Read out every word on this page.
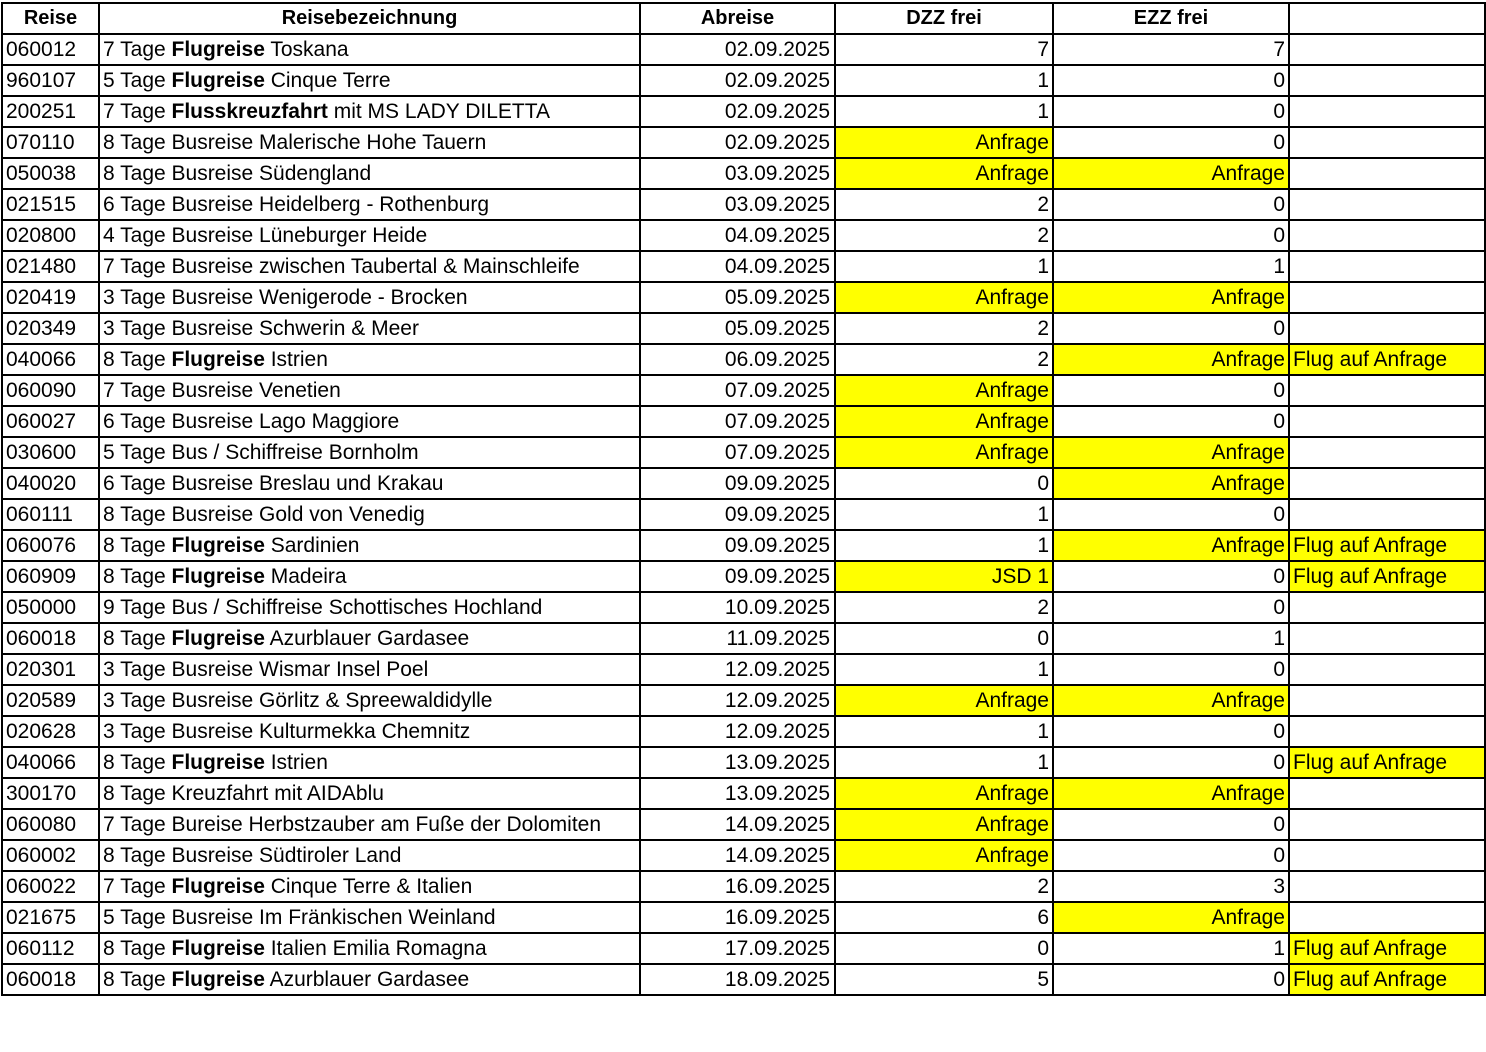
Reise	Reisebezeichnung	Abreise	DZZ frei	EZZ frei	
060012	7 Tage Flugreise Toskana	02.09.2025	7	7	
960107	5 Tage Flugreise Cinque Terre	02.09.2025	1	0	
200251	7 Tage Flusskreuzfahrt mit MS LADY DILETTA	02.09.2025	1	0	
070110	8 Tage Busreise Malerische Hohe Tauern	02.09.2025	Anfrage	0	
050038	8 Tage Busreise Südengland	03.09.2025	Anfrage	Anfrage	
021515	6 Tage Busreise Heidelberg - Rothenburg	03.09.2025	2	0	
020800	4 Tage Busreise Lüneburger Heide	04.09.2025	2	0	
021480	7 Tage Busreise zwischen Taubertal & Mainschleife	04.09.2025	1	1	
020419	3 Tage Busreise Wenigerode - Brocken	05.09.2025	Anfrage	Anfrage	
020349	3 Tage Busreise Schwerin & Meer	05.09.2025	2	0	
040066	8 Tage Flugreise Istrien	06.09.2025	2	Anfrage	Flug auf Anfrage
060090	7 Tage Busreise Venetien	07.09.2025	Anfrage	0	
060027	6 Tage Busreise Lago Maggiore	07.09.2025	Anfrage	0	
030600	5 Tage Bus / Schiffreise Bornholm	07.09.2025	Anfrage	Anfrage	
040020	6 Tage Busreise Breslau und Krakau	09.09.2025	0	Anfrage	
060111	8 Tage Busreise Gold von Venedig	09.09.2025	1	0	
060076	8 Tage Flugreise Sardinien	09.09.2025	1	Anfrage	Flug auf Anfrage
060909	8 Tage Flugreise Madeira	09.09.2025	JSD 1	0	Flug auf Anfrage
050000	9 Tage Bus / Schiffreise Schottisches Hochland	10.09.2025	2	0	
060018	8 Tage Flugreise Azurblauer Gardasee	11.09.2025	0	1	
020301	3 Tage Busreise Wismar Insel Poel	12.09.2025	1	0	
020589	3 Tage Busreise Görlitz & Spreewaldidylle	12.09.2025	Anfrage	Anfrage	
020628	3 Tage Busreise Kulturmekka Chemnitz	12.09.2025	1	0	
040066	8 Tage Flugreise Istrien	13.09.2025	1	0	Flug auf Anfrage
300170	8 Tage Kreuzfahrt mit AIDAblu	13.09.2025	Anfrage	Anfrage	
060080	7 Tage Bureise Herbstzauber am Fuße der Dolomiten	14.09.2025	Anfrage	0	
060002	8 Tage Busreise Südtiroler Land	14.09.2025	Anfrage	0	
060022	7 Tage Flugreise Cinque Terre & Italien	16.09.2025	2	3	
021675	5 Tage Busreise Im Fränkischen Weinland	16.09.2025	6	Anfrage	
060112	8 Tage Flugreise Italien Emilia Romagna	17.09.2025	0	1	Flug auf Anfrage
060018	8 Tage Flugreise Azurblauer Gardasee	18.09.2025	5	0	Flug auf Anfrage
